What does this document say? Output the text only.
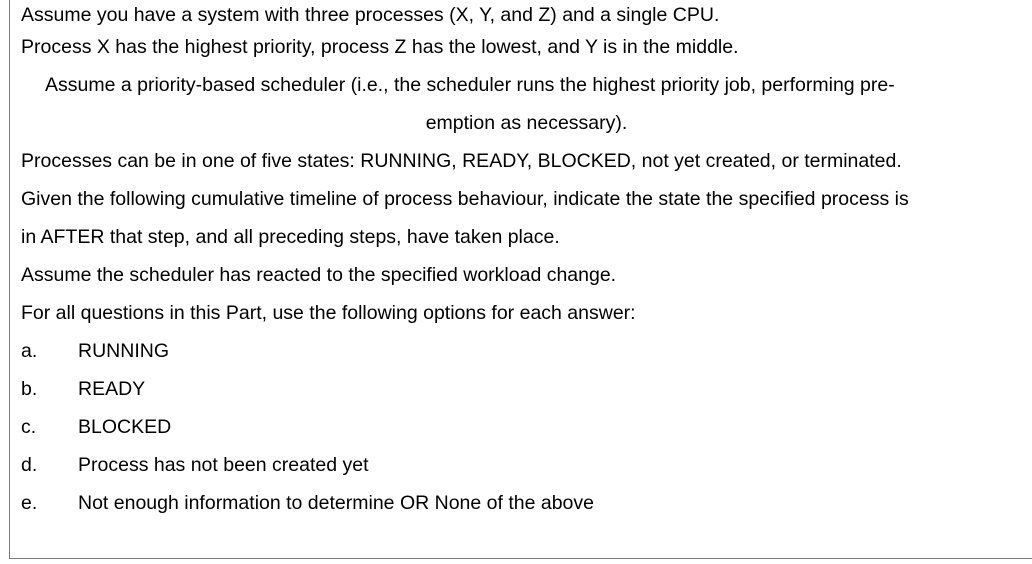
Assume you have a system with three processes (X, Y, and Z) and a single CPU.
Process X has the highest priority, process Z has the lowest, and Y is in the middle.
Assume a priority-based scheduler (i.e., the scheduler runs the highest priority job, performing pre-
emption as necessary).
Processes can be in one of five states: RUNNING, READY, BLOCKED, not yet created, or terminated.
Given the following cumulative timeline of process behaviour, indicate the state the specified process is
in AFTER that step, and all preceding steps, have taken place.
Assume the scheduler has reacted to the specified workload change.
For all questions in this Part, use the following options for each answer:
a.	RUNNING
b.	READY
c.	BLOCKED
d.	Process has not been created yet
e.	Not enough information to determine OR None of the above
